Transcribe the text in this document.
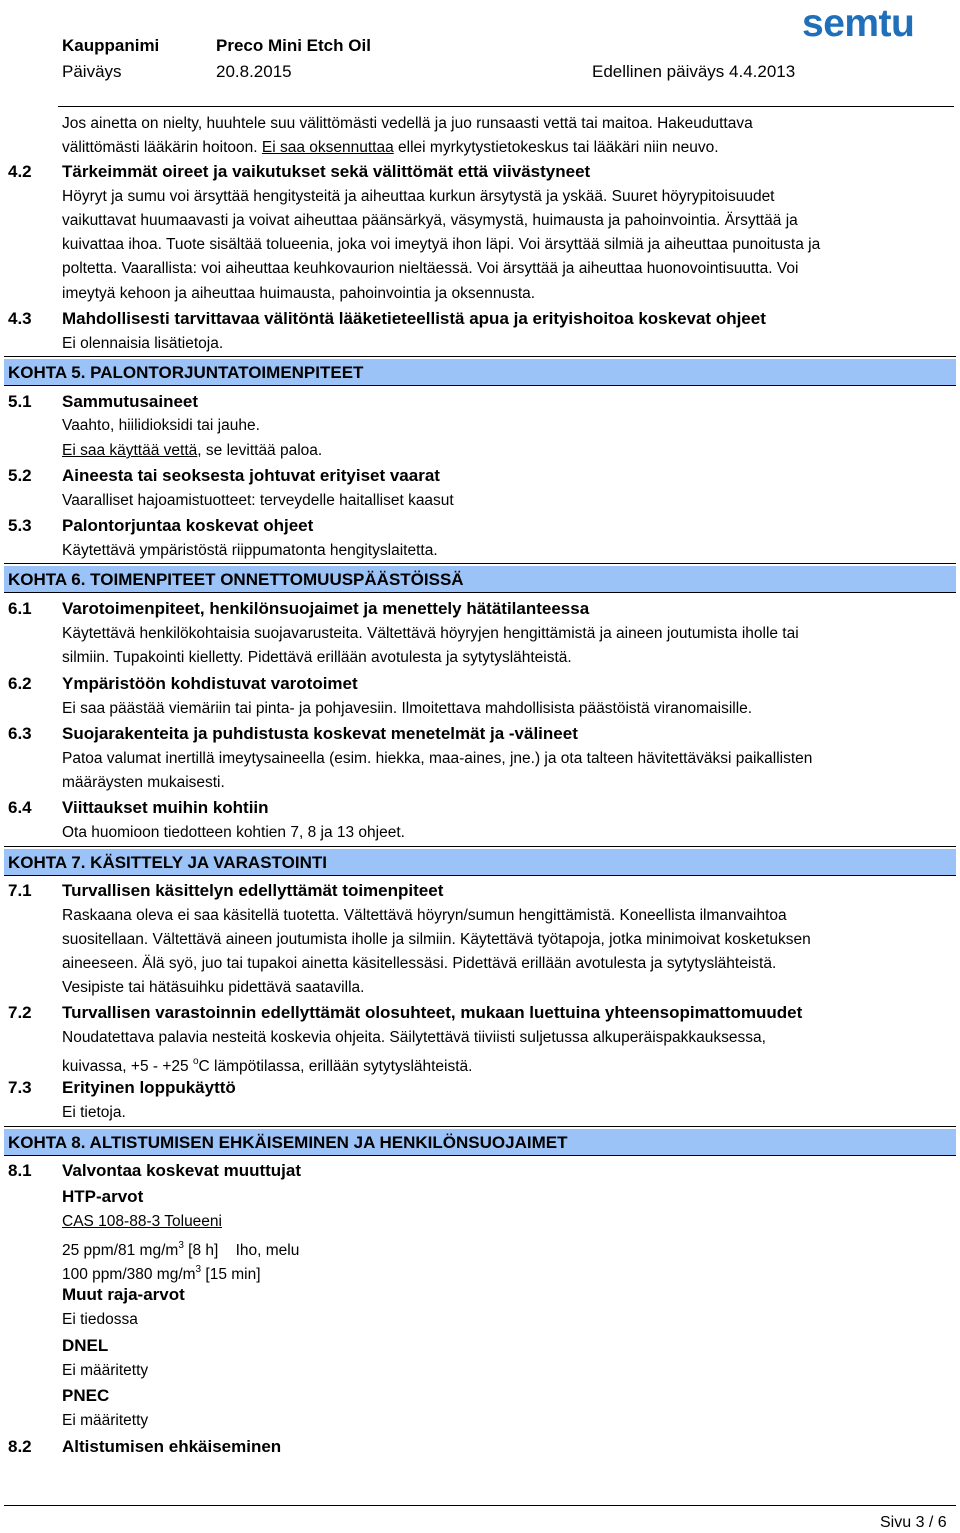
Kauppanimi	Preco Mini Etch Oil
Päiväys	20.8.2015	Edellinen päiväys 4.4.2013
semtu
Jos ainetta on nielty, huuhtele suu välittömästi vedellä ja juo runsaasti vettä tai maitoa. Hakeuduttava
välittömästi lääkärin hoitoon. Ei saa oksennuttaa ellei myrkytystietokeskus tai lääkäri niin neuvo.
4.2 Tärkeimmät oireet ja vaikutukset sekä välittömät että viivästyneet
Höyryt ja sumu voi ärsyttää hengitysteitä ja aiheuttaa kurkun ärsytystä ja yskää. Suuret höyrypitoisuudet
vaikuttavat huumaavasti ja voivat aiheuttaa päänsärkyä, väsymystä, huimausta ja pahoinvointia. Ärsyttää ja
kuivattaa ihoa. Tuote sisältää tolueenia, joka voi imeytyä ihon läpi. Voi ärsyttää silmiä ja aiheuttaa punoitusta ja
poltetta. Vaarallista: voi aiheuttaa keuhkovaurion nieltäessä. Voi ärsyttää ja aiheuttaa huonovointisuutta. Voi
imeytyä kehoon ja aiheuttaa huimausta, pahoinvointia ja oksennusta.
4.3 Mahdollisesti tarvittavaa välitöntä lääketieteellistä apua ja erityishoitoa koskevat ohjeet
Ei olennaisia lisätietoja.
KOHTA 5. PALONTORJUNTATOIMENPITEET
5.1 Sammutusaineet
Vaahto, hiilidioksidi tai jauhe.
Ei saa käyttää vettä, se levittää paloa.
5.2 Aineesta tai seoksesta johtuvat erityiset vaarat
Vaaralliset hajoamistuotteet: terveydelle haitalliset kaasut
5.3 Palontorjuntaa koskevat ohjeet
Käytettävä ympäristöstä riippumatonta hengityslaitetta.
KOHTA 6. TOIMENPITEET ONNETTOMUUSPÄÄSTÖISSÄ
6.1 Varotoimenpiteet, henkilönsuojaimet ja menettely hätätilanteessa
Käytettävä henkilökohtaisia suojavarusteita. Vältettävä höyryjen hengittämistä ja aineen joutumista iholle tai
silmiin. Tupakointi kielletty. Pidettävä erillään avotulesta ja sytytyslähteistä.
6.2 Ympäristöön kohdistuvat varotoimet
Ei saa päästää viemäriin tai pinta- ja pohjavesiin. Ilmoitettava mahdollisista päästöistä viranomaisille.
6.3 Suojarakenteita ja puhdistusta koskevat menetelmät ja -välineet
Patoa valumat inertillä imeytysaineella (esim. hiekka, maa-aines, jne.) ja ota talteen hävitettäväksi paikallisten
määräysten mukaisesti.
6.4 Viittaukset muihin kohtiin
Ota huomioon tiedotteen kohtien 7, 8 ja 13 ohjeet.
KOHTA 7. KÄSITTELY JA VARASTOINTI
7.1 Turvallisen käsittelyn edellyttämät toimenpiteet
Raskaana oleva ei saa käsitellä tuotetta. Vältettävä höyryn/sumun hengittämistä. Koneellista ilmanvaihtoa
suositellaan. Vältettävä aineen joutumista iholle ja silmiin. Käytettävä työtapoja, jotka minimoivat kosketuksen
aineeseen. Älä syö, juo tai tupakoi ainetta käsitellessäsi. Pidettävä erillään avotulesta ja sytytyslähteistä.
Vesipiste tai hätäsuihku pidettävä saatavilla.
7.2 Turvallisen varastoinnin edellyttämät olosuhteet, mukaan luettuina yhteensopimattomuudet
Noudatettava palavia nesteitä koskevia ohjeita. Säilytettävä tiiviisti suljetussa alkuperäispakkauksessa,
kuivassa, +5 - +25 $^o$C lämpötilassa, erillään sytytyslähteistä.
7.3 Erityinen loppukäyttö
Ei tietoja.
KOHTA 8. ALTISTUMISEN EHKÄISEMINEN JA HENKILÖNSUOJAIMET
8.1 Valvontaa koskevat muuttujat
HTP-arvot
CAS 108-88-3 Tolueeni
25 ppm/81 $mg/m^3$ [8 h]    Iho, melu
100 ppm/380 $mg/m^3$ [15 min]
Muut raja-arvot
Ei tiedossa
DNEL
Ei määritetty
PNEC
Ei määritetty
8.2 Altistumisen ehkäiseminen
Sivu 3 / 6
